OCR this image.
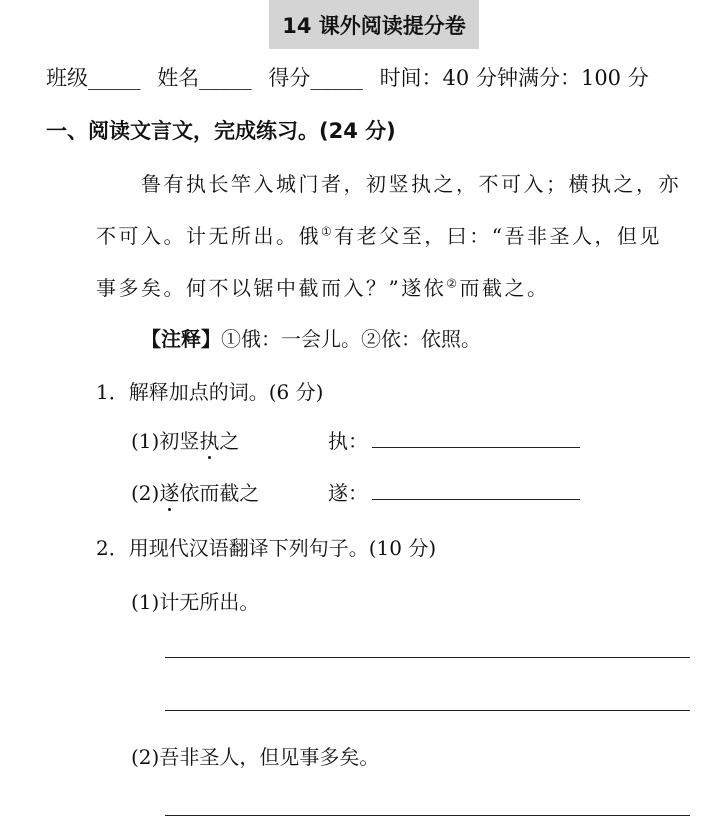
14 课外阅读提分卷
班级_____ 姓名_____ 得分_____ 时间：40 分钟满分：100 分
一、阅读文言文，完成练习。(24 分)
鲁有执长竿入城门者，初竖执之，不可入；横执之，亦
不可入。计无所出。俄①有老父至，曰：“吾非圣人，但见
事多矣。何不以锯中截而入？”遂依②而截之。
【注释】①俄：一会儿。②依：依照。
1．解释加点的词。(6 分)
(1)初竖执之	执：
(2)遂依而截之	遂：
2．用现代汉语翻译下列句子。(10 分)
(1)计无所出。
(2)吾非圣人，但见事多矣。
